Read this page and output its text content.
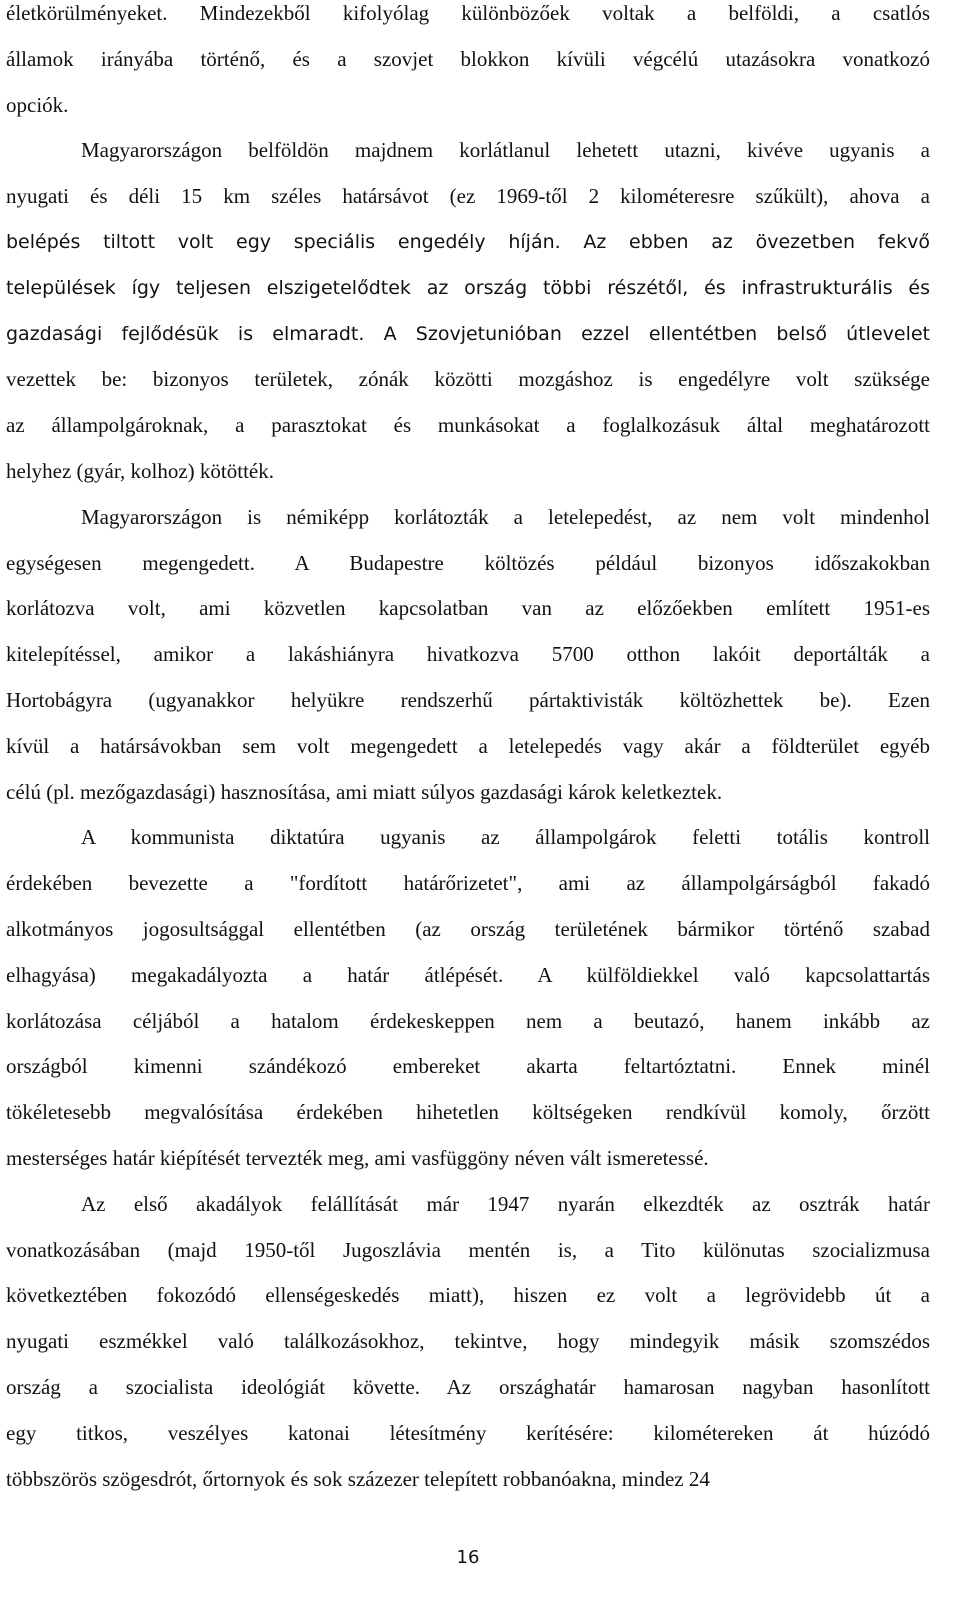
életkörülményeket. Mindezekből kifolyólag különbözőek voltak a belföldi, a csatlós
államok irányába történő, és a szovjet blokkon kívüli végcélú utazásokra vonatkozó
opciók.
Magyarországon belföldön majdnem korlátlanul lehetett utazni, kivéve ugyanis a
nyugati és déli 15 km széles határsávot (ez 1969-től 2 kilométeresre szűkült), ahova a
belépés tiltott volt egy speciális engedély híján. Az ebben az övezetben fekvő
települések így teljesen elszigetelődtek az ország többi részétől, és infrastrukturális és
gazdasági fejlődésük is elmaradt. A Szovjetunióban ezzel ellentétben belső útlevelet
vezettek be: bizonyos területek, zónák közötti mozgáshoz is engedélyre volt szüksége
az állampolgároknak, a parasztokat és munkásokat a foglalkozásuk által meghatározott
helyhez (gyár, kolhoz) kötötték.
Magyarországon is némiképp korlátozták a letelepedést, az nem volt mindenhol
egységesen megengedett. A Budapestre költözés például bizonyos időszakokban
korlátozva volt, ami közvetlen kapcsolatban van az előzőekben említett 1951-es
kitelepítéssel, amikor a lakáshiányra hivatkozva 5700 otthon lakóit deportálták a
Hortobágyra (ugyanakkor helyükre rendszerhű pártaktivisták költözhettek be). Ezen
kívül a határsávokban sem volt megengedett a letelepedés vagy akár a földterület egyéb
célú (pl. mezőgazdasági) hasznosítása, ami miatt súlyos gazdasági károk keletkeztek.
A kommunista diktatúra ugyanis az állampolgárok feletti totális kontroll
érdekében bevezette a "fordított határőrizetet", ami az állampolgárságból fakadó
alkotmányos jogosultsággal ellentétben (az ország területének bármikor történő szabad
elhagyása) megakadályozta a határ átlépését. A külföldiekkel való kapcsolattartás
korlátozása céljából a hatalom érdekeskeppen nem a beutazó, hanem inkább az
országból kimenni szándékozó embereket akarta feltartóztatni. Ennek minél
tökéletesebb megvalósítása érdekében hihetetlen költségeken rendkívül komoly, őrzött
mesterséges határ kiépítését tervezték meg, ami vasfüggöny néven vált ismeretessé.
Az első akadályok felállítását már 1947 nyarán elkezdték az osztrák határ
vonatkozásában (majd 1950-től Jugoszlávia mentén is, a Tito különutas szocializmusa
következtében fokozódó ellenségeskedés miatt), hiszen ez volt a legrövidebb út a
nyugati eszmékkel való találkozásokhoz, tekintve, hogy mindegyik másik szomszédos
ország a szocialista ideológiát követte. Az országhatár hamarosan nagyban hasonlított
egy titkos, veszélyes katonai létesítmény kerítésére: kilométereken át húzódó
többszörös szögesdrót, őrtornyok és sok százezer telepített robbanóakna, mindez 24
16
